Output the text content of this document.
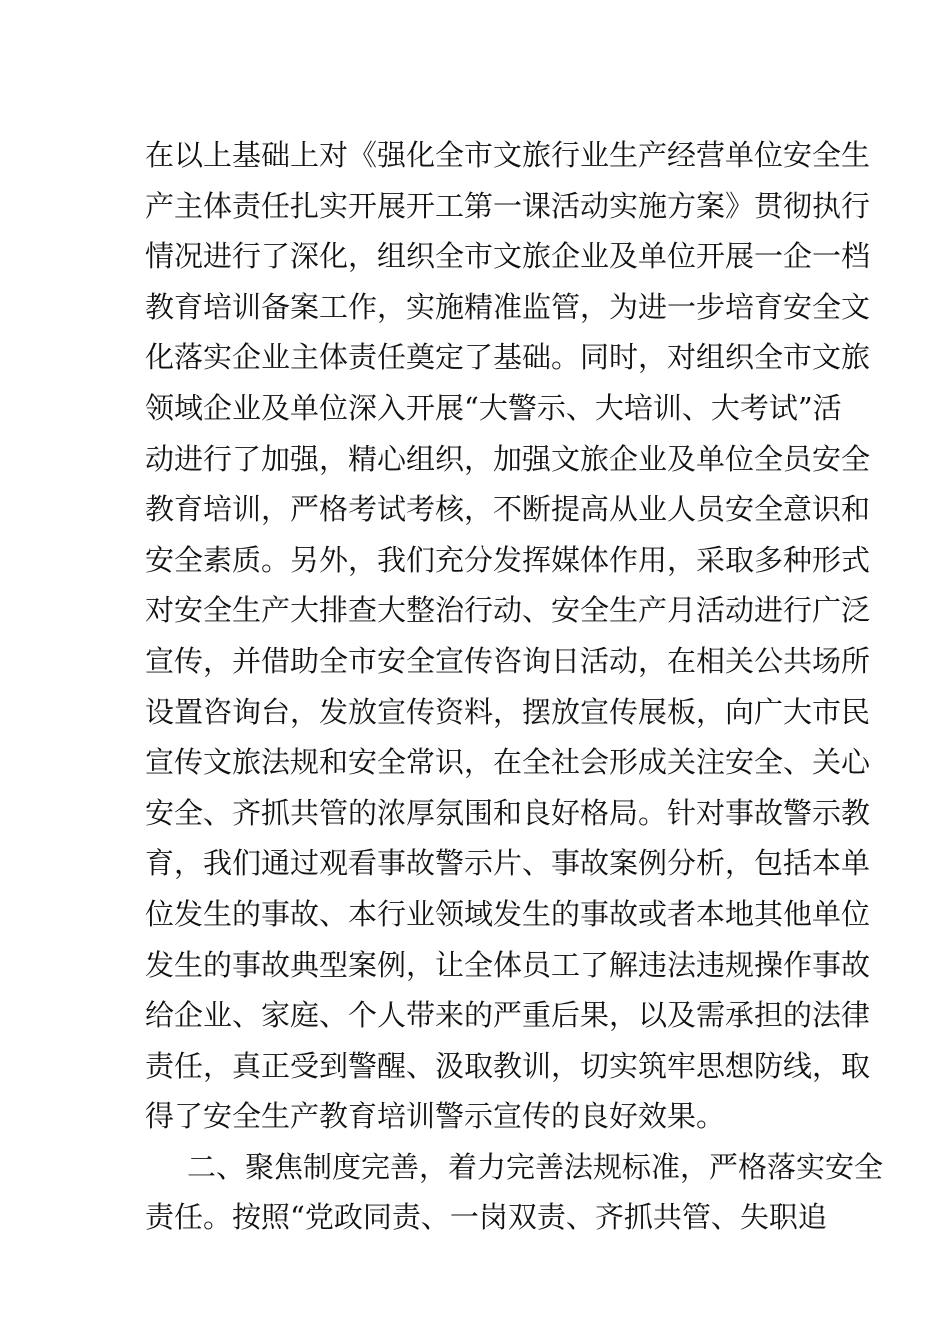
在以上基础上对《强化全市文旅行业生产经营单位安全生
产主体责任扎实开展开工第一课活动实施方案》贯彻执行
情况进行了深化，组织全市文旅企业及单位开展一企一档
教育培训备案工作，实施精准监管，为进一步培育安全文
化落实企业主体责任奠定了基础。同时，对组织全市文旅
领域企业及单位深入开展“大警示、大培训、大考试”活
动进行了加强，精心组织，加强文旅企业及单位全员安全
教育培训，严格考试考核，不断提高从业人员安全意识和
安全素质。另外，我们充分发挥媒体作用，采取多种形式
对安全生产大排查大整治行动、安全生产月活动进行广泛
宣传，并借助全市安全宣传咨询日活动，在相关公共场所
设置咨询台，发放宣传资料，摆放宣传展板，向广大市民
宣传文旅法规和安全常识，在全社会形成关注安全、关心
安全、齐抓共管的浓厚氛围和良好格局。针对事故警示教
育，我们通过观看事故警示片、事故案例分析，包括本单
位发生的事故、本行业领域发生的事故或者本地其他单位
发生的事故典型案例，让全体员工了解违法违规操作事故
给企业、家庭、个人带来的严重后果，以及需承担的法律
责任，真正受到警醒、汲取教训，切实筑牢思想防线，取
得了安全生产教育培训警示宣传的良好效果。
二、聚焦制度完善，着力完善法规标准，严格落实安全
责任。按照“党政同责、一岗双责、齐抓共管、失职追
